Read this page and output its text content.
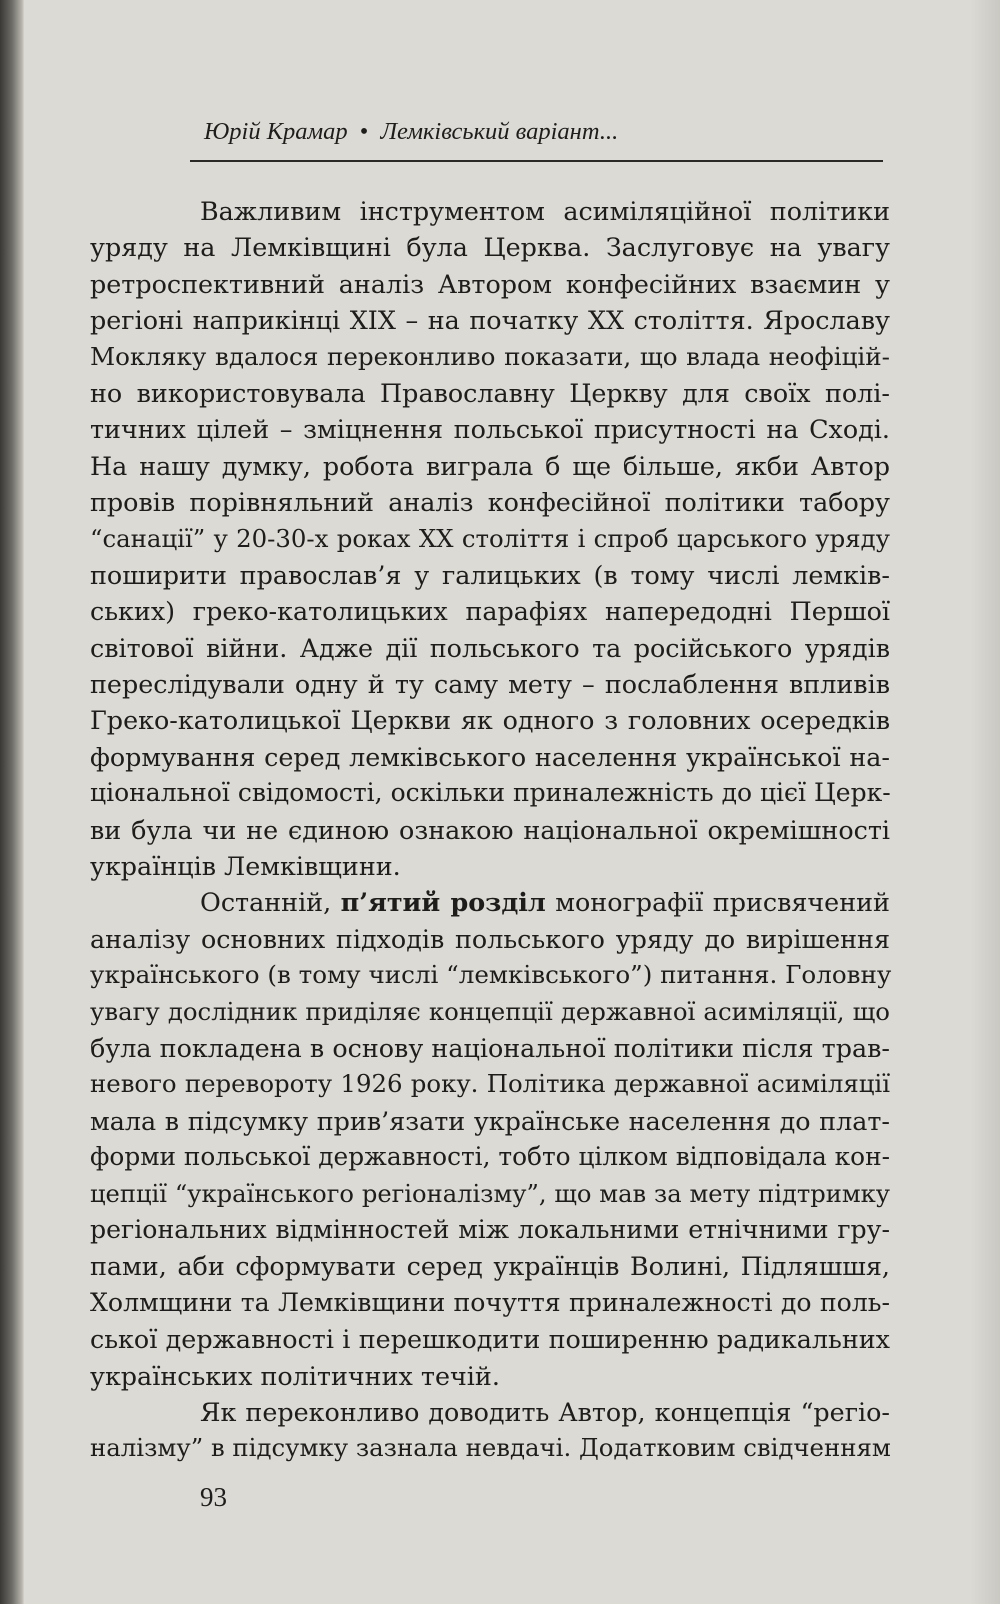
Юрій Крамар • Лемківський варіант...
Важливим інструментом асиміляційної політики
уряду на Лемківщині була Церква. Заслуговує на увагу
ретроспективний аналіз Автором конфесійних взаємин у
регіоні наприкінці XIX – на початку XX століття. Ярославу
Мокляку вдалося переконливо показати, що влада неофіцій-
но використовувала Православну Церкву для своїх полі-
тичних цілей – зміцнення польської присутності на Сході.
На нашу думку, робота виграла б ще більше, якби Автор
провів порівняльний аналіз конфесійної політики табору
“санації” у 20-30-х роках XX століття і спроб царського уряду
поширити православ’я у галицьких (в тому числі лемків-
ських) греко-католицьких парафіях напередодні Першої
світової війни. Адже дії польського та російського урядів
переслідували одну й ту саму мету – послаблення впливів
Греко-католицької Церкви як одного з головних осередків
формування серед лемківського населення української на-
ціональної свідомості, оскільки приналежність до цієї Церк-
ви була чи не єдиною ознакою національної окремішності
українців Лемківщини.
Останній, п’ятий розділ монографії присвячений
аналізу основних підходів польського уряду до вирішення
українського (в тому числі “лемківського”) питання. Головну
увагу дослідник приділяє концепції державної асиміляції, що
була покладена в основу національної політики після трав-
невого перевороту 1926 року. Політика державної асиміляції
мала в підсумку прив’язати українське населення до плат-
форми польської державності, тобто цілком відповідала кон-
цепції “українського регіоналізму”, що мав за мету підтримку
регіональних відмінностей між локальними етнічними гру-
пами, аби сформувати серед українців Волині, Підляшшя,
Холмщини та Лемківщини почуття приналежності до поль-
ської державності і перешкодити поширенню радикальних
українських політичних течій.
Як переконливо доводить Автор, концепція “регіо-
налізму” в підсумку зазнала невдачі. Додатковим свідченням
93
